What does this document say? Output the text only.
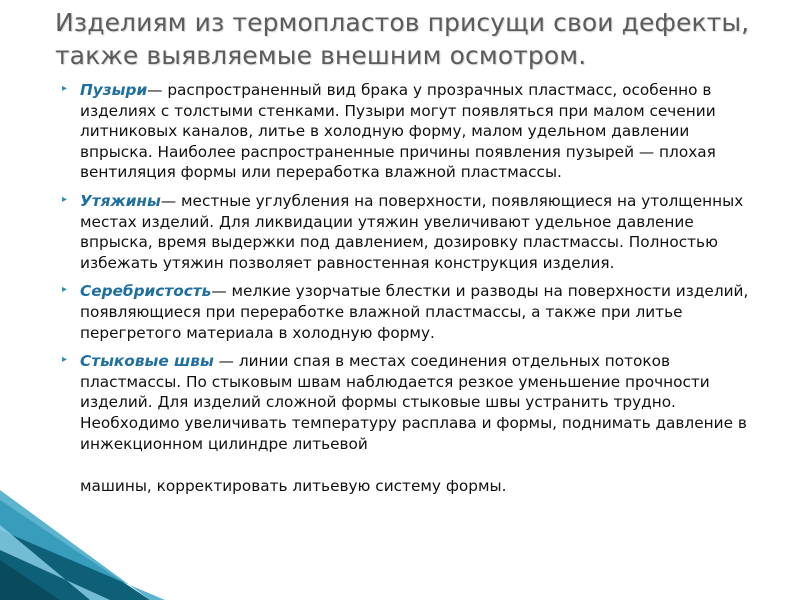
Изделиям из термопластов присущи свои дефекты, также выявляемые внешним осмотром.
▸ Пузыри— распространенный вид брака у прозрачных пластмасс, особенно в изделиях с толстыми стенками. Пузыри могут появляться при малом сечении литниковых каналов, литье в холодную форму, малом удельном давлении впрыска. Наиболее распространенные причины появления пузырей — плохая вентиляция формы или переработка влажной пластмассы.
▸ Утяжины— местные углубления на поверхности, появляющиеся на утолщенных местах изделий. Для ликвидации утяжин увеличивают удельное давление впрыска, время выдержки под давлением, дозировку пластмассы. Полностью избежать утяжин позволяет равностенная конструкция изделия.
▸ Серебристость— мелкие узорчатые блестки и разводы на поверхности изделий, появляющиеся при переработке влажной пластмассы, а также при литье перегретого материала в холодную форму.
▸ Стыковые швы — линии спая в местах соединения отдельных потоков пластмассы. По стыковым швам наблюдается резкое уменьшение прочности изделий. Для изделий сложной формы стыковые швы устранить трудно. Необходимо увеличивать температуру расплава и формы, поднимать давление в инжекционном цилиндре литьевой
машины, корректировать литьевую систему формы.
